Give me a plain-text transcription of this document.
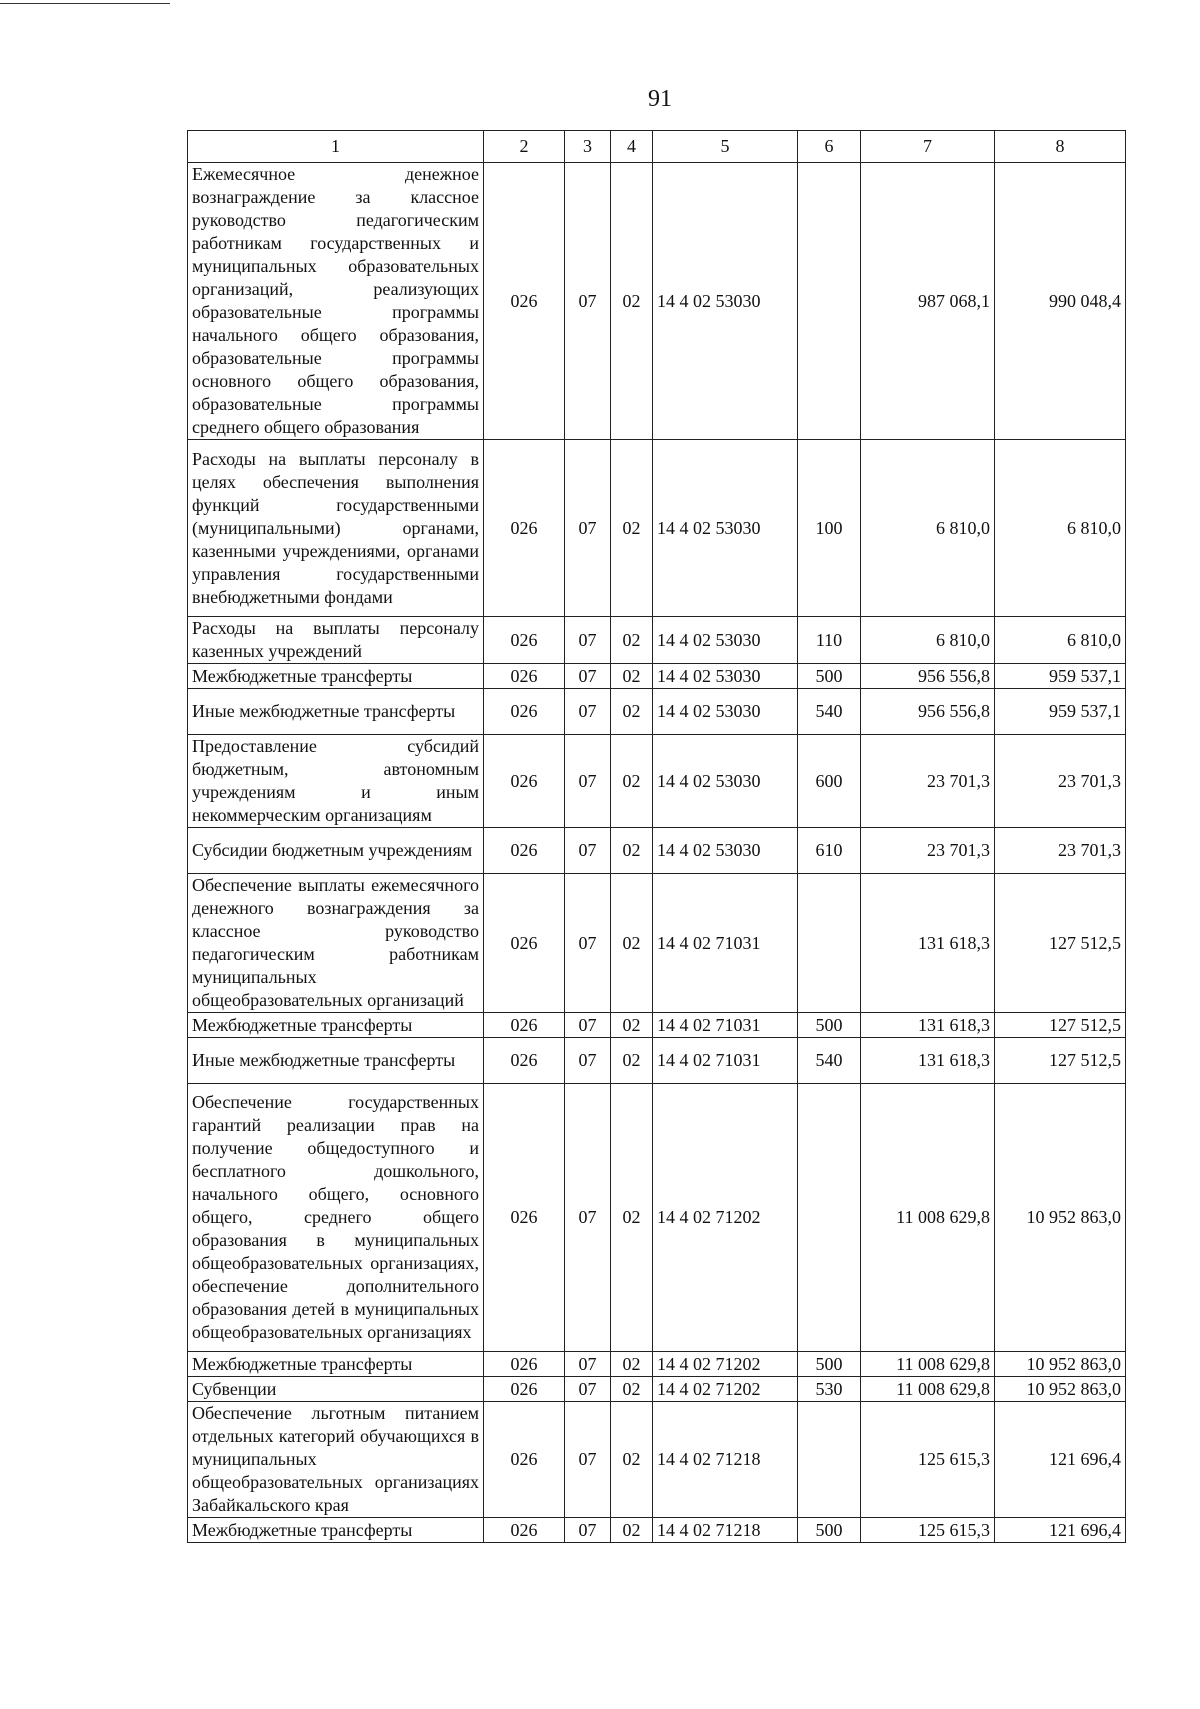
91
1	2	3	4	5	6	7	8
Ежемесячное денежное вознаграждение за классное руководство педагогическим работникам государственных и муниципальных образовательных организаций, реализующих образовательные программы начального общего образования, образовательные программы основного общего образования, образовательные программы среднего общего образования	026	07	02	14 4 02 53030		987 068,1	990 048,4
Расходы на выплаты персоналу в целях обеспечения выполнения функций государственными (муниципальными) органами, казенными учреждениями, органами управления государственными внебюджетными фондами	026	07	02	14 4 02 53030	100	6 810,0	6 810,0
Расходы на выплаты персоналу казенных учреждений	026	07	02	14 4 02 53030	110	6 810,0	6 810,0
Межбюджетные трансферты	026	07	02	14 4 02 53030	500	956 556,8	959 537,1
Иные межбюджетные трансферты	026	07	02	14 4 02 53030	540	956 556,8	959 537,1
Предоставление субсидий бюджетным, автономным учреждениям и иным некоммерческим организациям	026	07	02	14 4 02 53030	600	23 701,3	23 701,3
Субсидии бюджетным учреждениям	026	07	02	14 4 02 53030	610	23 701,3	23 701,3
Обеспечение выплаты ежемесячного денежного вознаграждения за классное руководство педагогическим работникам муниципальных общеобразовательных организаций	026	07	02	14 4 02 71031		131 618,3	127 512,5
Межбюджетные трансферты	026	07	02	14 4 02 71031	500	131 618,3	127 512,5
Иные межбюджетные трансферты	026	07	02	14 4 02 71031	540	131 618,3	127 512,5
Обеспечение государственных гарантий реализации прав на получение общедоступного и бесплатного дошкольного, начального общего, основного общего, среднего общего образования в муниципальных общеобразовательных организациях, обеспечение дополнительного образования детей в муниципальных общеобразовательных организациях	026	07	02	14 4 02 71202		11 008 629,8	10 952 863,0
Межбюджетные трансферты	026	07	02	14 4 02 71202	500	11 008 629,8	10 952 863,0
Субвенции	026	07	02	14 4 02 71202	530	11 008 629,8	10 952 863,0
Обеспечение льготным питанием отдельных категорий обучающихся в муниципальных общеобразовательных организациях Забайкальского края	026	07	02	14 4 02 71218		125 615,3	121 696,4
Межбюджетные трансферты	026	07	02	14 4 02 71218	500	125 615,3	121 696,4
